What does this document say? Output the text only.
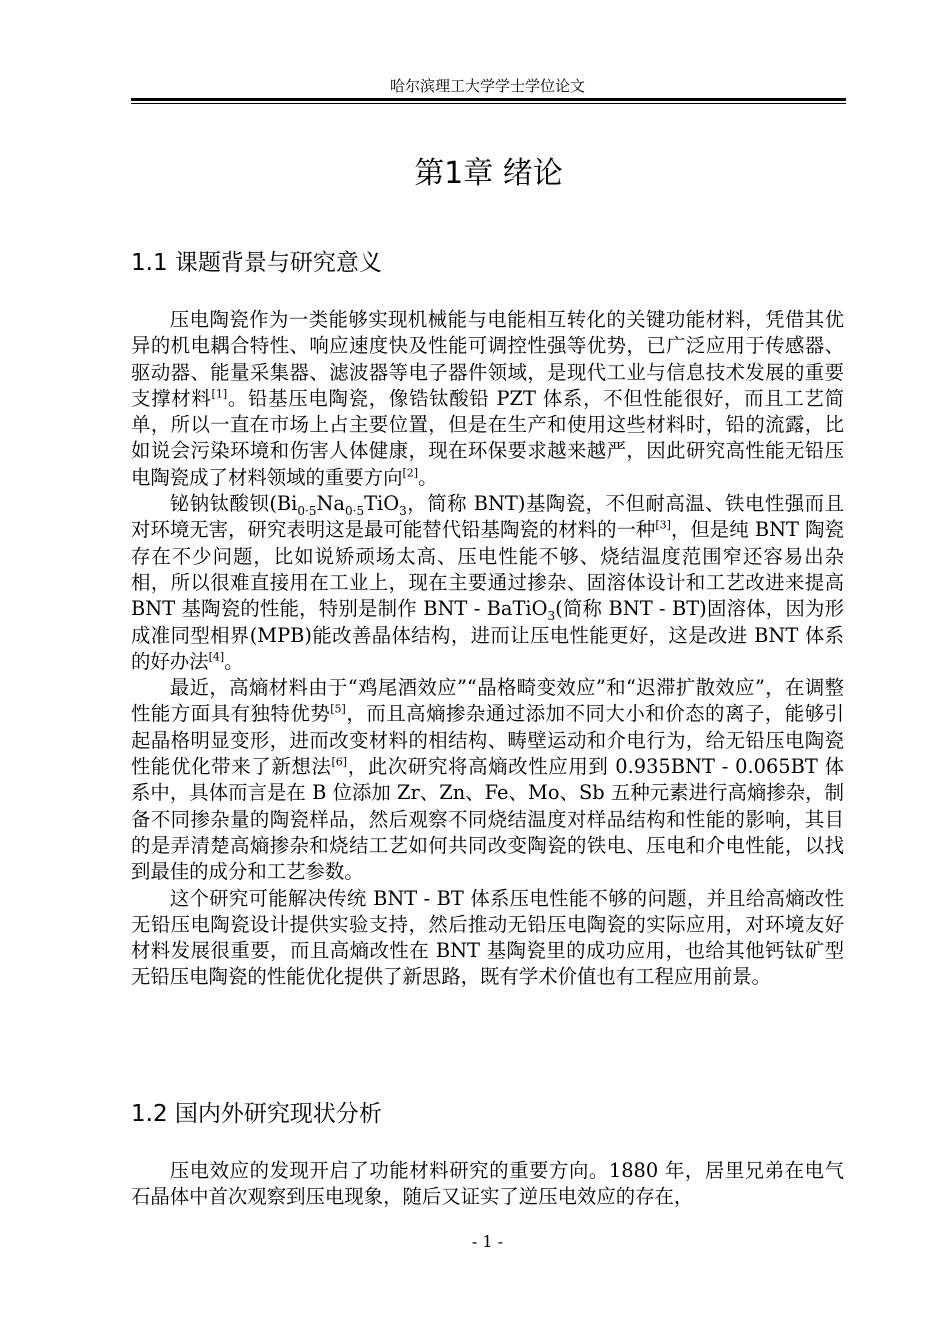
哈尔滨理工大学学士学位论文
第1章 绪论
1.1 课题背景与研究意义

压电陶瓷作为一类能够实现机械能与电能相互转化的关键功能材料，凭借其优异的机电耦合特性、响应速度快及性能可调控性强等优势，已广泛应用于传感器、驱动器、能量采集器、滤波器等电子器件领域，是现代工业与信息技术发展的重要支撑材料[1]。铅基压电陶瓷，像锆钛酸铅 PZT 体系，不但性能很好，而且工艺简单，所以一直在市场上占主要位置，但是在生产和使用这些材料时，铅的流露，比如说会污染环境和伤害人体健康，现在环保要求越来越严，因此研究高性能无铅压电陶瓷成了材料领域的重要方向[2]。

铋钠钛酸钡($Bi_{0\cdot 5}Na_{0\cdot 5}TiO_3$，简称 BNT)基陶瓷，不但耐高温、铁电性强而且对环境无害，研究表明这是最可能替代铅基陶瓷的材料的一种[3]，但是纯 BNT 陶瓷存在不少问题，比如说矫顽场太高、压电性能不够、烧结温度范围窄还容易出杂相，所以很难直接用在工业上，现在主要通过掺杂、固溶体设计和工艺改进来提高 BNT 基陶瓷的性能，特别是制作 BNT - BaTiO$_3$(简称 BNT - BT)固溶体，因为形成准同型相界(MPB)能改善晶体结构，进而让压电性能更好，这是改进 BNT 体系的好办法[4]。

最近，高熵材料由于“鸡尾酒效应”“晶格畸变效应”和“迟滞扩散效应”，在调整性能方面具有独特优势[5]，而且高熵掺杂通过添加不同大小和价态的离子，能够引起晶格明显变形，进而改变材料的相结构、畴壁运动和介电行为，给无铅压电陶瓷性能优化带来了新想法[6]，此次研究将高熵改性应用到 0.935BNT - 0.065BT 体系中，具体而言是在 B 位添加 Zr、Zn、Fe、Mo、Sb 五种元素进行高熵掺杂，制备不同掺杂量的陶瓷样品，然后观察不同烧结温度对样品结构和性能的影响，其目的是弄清楚高熵掺杂和烧结工艺如何共同改变陶瓷的铁电、压电和介电性能，以找到最佳的成分和工艺参数。

这个研究可能解决传统 BNT - BT 体系压电性能不够的问题，并且给高熵改性无铅压电陶瓷设计提供实验支持，然后推动无铅压电陶瓷的实际应用，对环境友好材料发展很重要，而且高熵改性在 BNT 基陶瓷里的成功应用，也给其他钙钛矿型无铅压电陶瓷的性能优化提供了新思路，既有学术价值也有工程应用前景。

1.2 国内外研究现状分析

压电效应的发现开启了功能材料研究的重要方向。1880 年，居里兄弟在电气石晶体中首次观察到压电现象，随后又证实了逆压电效应的存在，

- 1 -
